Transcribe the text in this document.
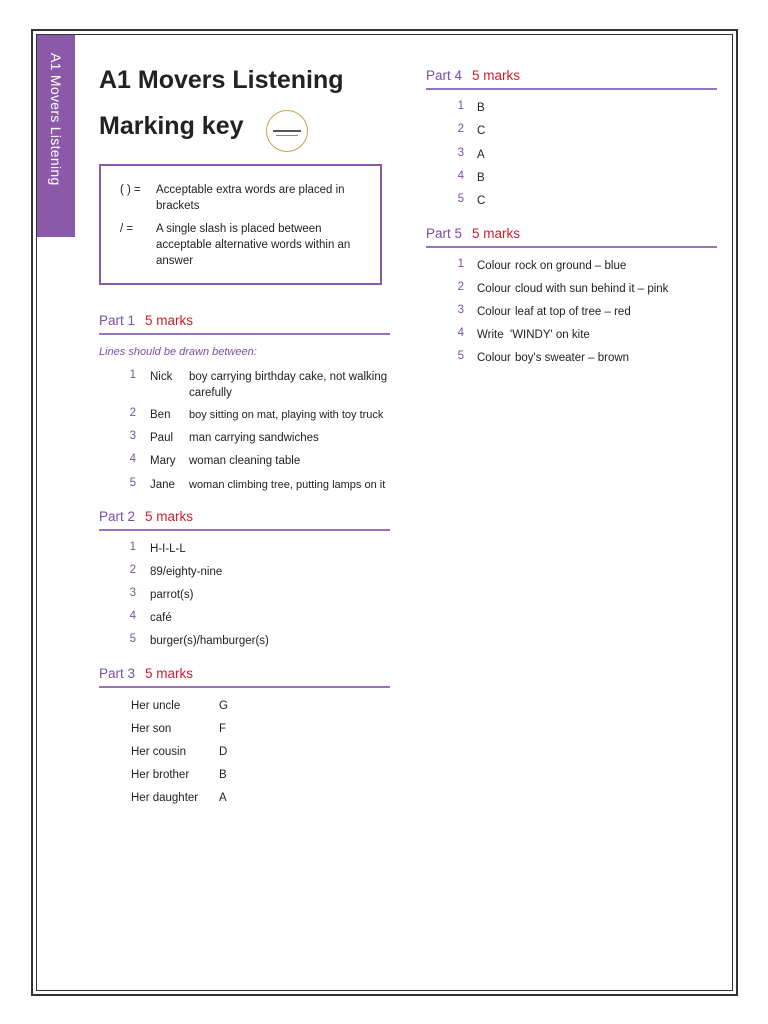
A1 Movers Listening A1 Movers Listening
Marking key
( ) =	Acceptable extra words are placed in brackets
/ =	A single slash is placed between acceptable alternative words within an answer
Part 1 5 marks
Lines should be drawn between:
1 Nick boy carrying birthday cake, not walking carefully
2 Ben boy sitting on mat, playing with toy truck
3 Paul man carrying sandwiches
4 Mary woman cleaning table
5 Jane woman climbing tree, putting lamps on it
Part 2 5 marks
1 H-I-L-L
2 89/eighty-nine
3 parrot(s)
4 café
5 burger(s)/hamburger(s)
Part 3 5 marks
Her uncle	G
Her son	F
Her cousin	D
Her brother	B
Her daughter A
Part 4 5 marks
1 B
2 C
3 A
4 B
5 C
Part 5 5 marks
1 Colour rock on ground – blue
2 Colour cloud with sun behind it – pink
3 Colour leaf at top of tree – red
4 Write 'WINDY' on kite
5 Colour boy's sweater – brown
